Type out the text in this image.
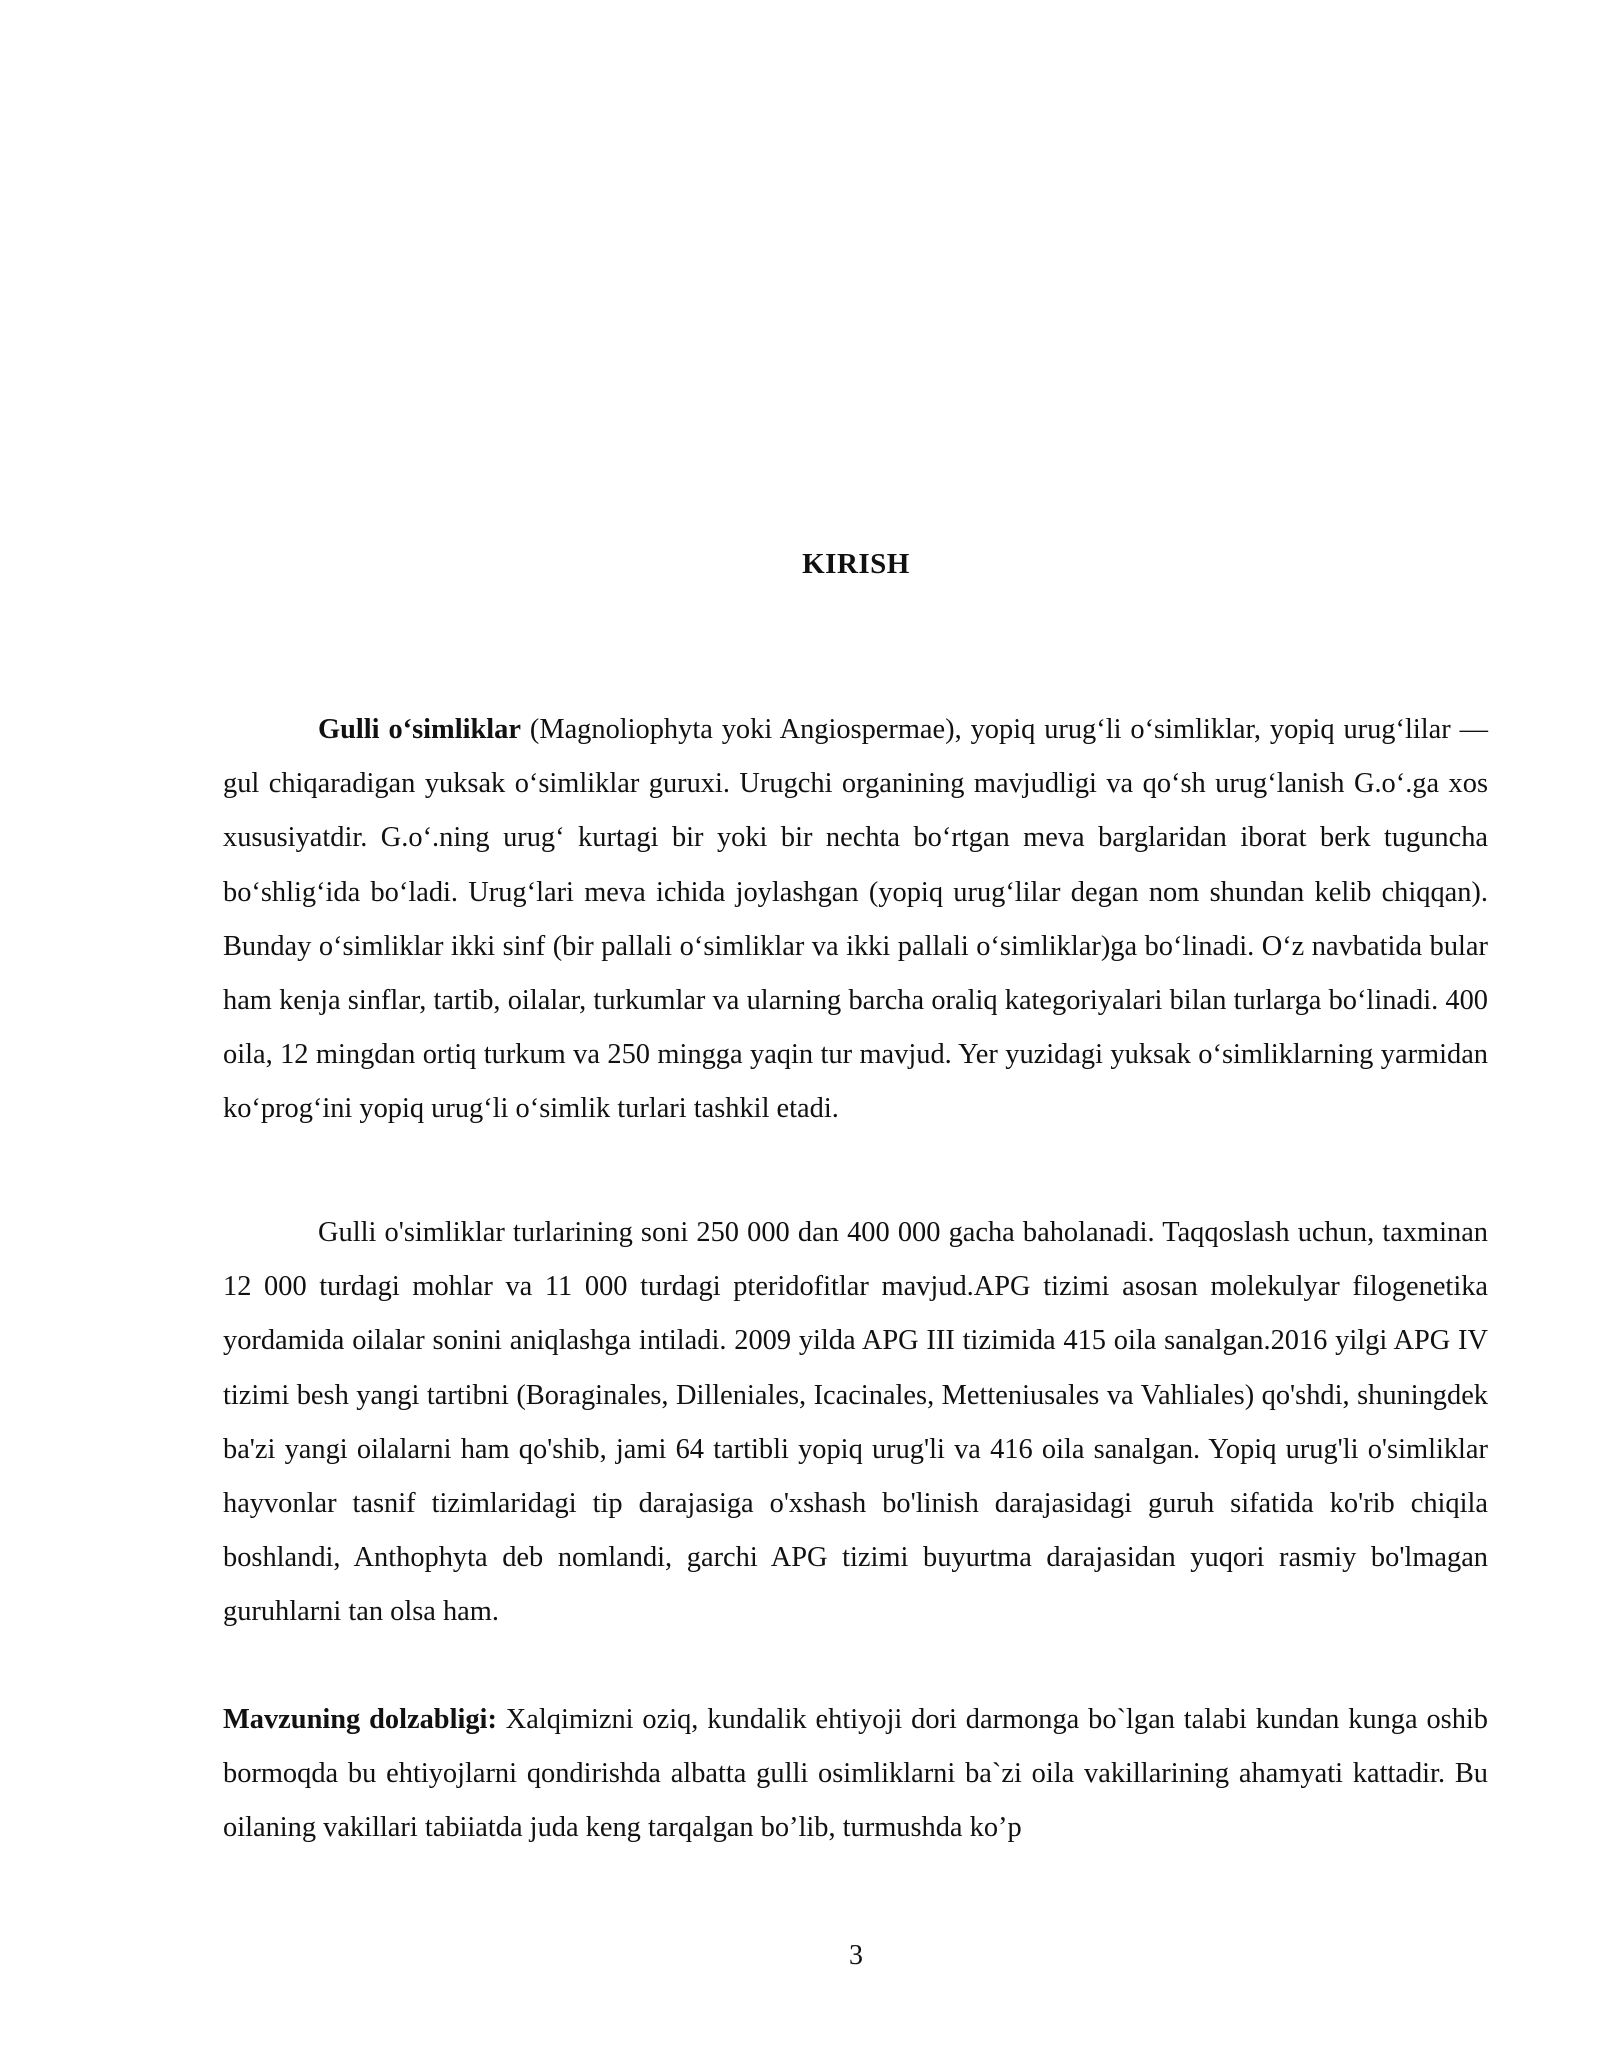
KIRISH

Gulli o‘simliklar (Magnoliophyta yoki Angiospermae), yopiq urug‘li o‘simliklar, yopiq urug‘lilar — gul chiqaradigan yuksak o‘simliklar guruxi. Urugchi organining mavjudligi va qo‘sh urug‘lanish G.o‘.ga xos xususiyatdir. G.o‘.ning urug‘ kurtagi bir yoki bir nechta bo‘rtgan meva barglaridan iborat berk tuguncha bo‘shlig‘ida bo‘ladi. Urug‘lari meva ichida joylashgan (yopiq urug‘lilar degan nom shundan kelib chiqqan). Bunday o‘simliklar ikki sinf (bir pallali o‘simliklar va ikki pallali o‘simliklar)ga bo‘linadi. O‘z navbatida bular ham kenja sinflar, tartib, oilalar, turkumlar va ularning barcha oraliq kategoriyalari bilan turlarga bo‘linadi. 400 oila, 12 mingdan ortiq turkum va 250 mingga yaqin tur mavjud. Yer yuzidagi yuksak o‘simliklarning yarmidan ko‘prog‘ini yopiq urug‘li o‘simlik turlari tashkil etadi.

Gulli o'simliklar turlarining soni 250 000 dan 400 000 gacha baholanadi. Taqqoslash uchun, taxminan 12 000 turdagi mohlar va 11 000 turdagi pteridofitlar mavjud.APG tizimi asosan molekulyar filogenetika yordamida oilalar sonini aniqlashga intiladi. 2009 yilda APG III tizimida 415 oila sanalgan.2016 yilgi APG IV tizimi besh yangi tartibni (Boraginales, Dilleniales, Icacinales, Metteniusales va Vahliales) qo'shdi, shuningdek ba'zi yangi oilalarni ham qo'shib, jami 64 tartibli yopiq urug'li va 416 oila sanalgan. Yopiq urug'li o'simliklar hayvonlar tasnif tizimlaridagi tip darajasiga o'xshash bo'linish darajasidagi guruh sifatida ko'rib chiqila boshlandi, Anthophyta deb nomlandi, garchi APG tizimi buyurtma darajasidan yuqori rasmiy bo'lmagan guruhlarni tan olsa ham.

Mavzuning dolzabligi: Xalqimizni oziq, kundalik ehtiyoji dori darmonga bo`lgan talabi kundan kunga oshib bormoqda bu ehtiyojlarni qondirishda albatta gulli osimliklarni ba`zi oila vakillarining ahamyati kattadir. Bu oilaning vakillari tabiiatda juda keng tarqalgan bo’lib, turmushda ko’p

3
